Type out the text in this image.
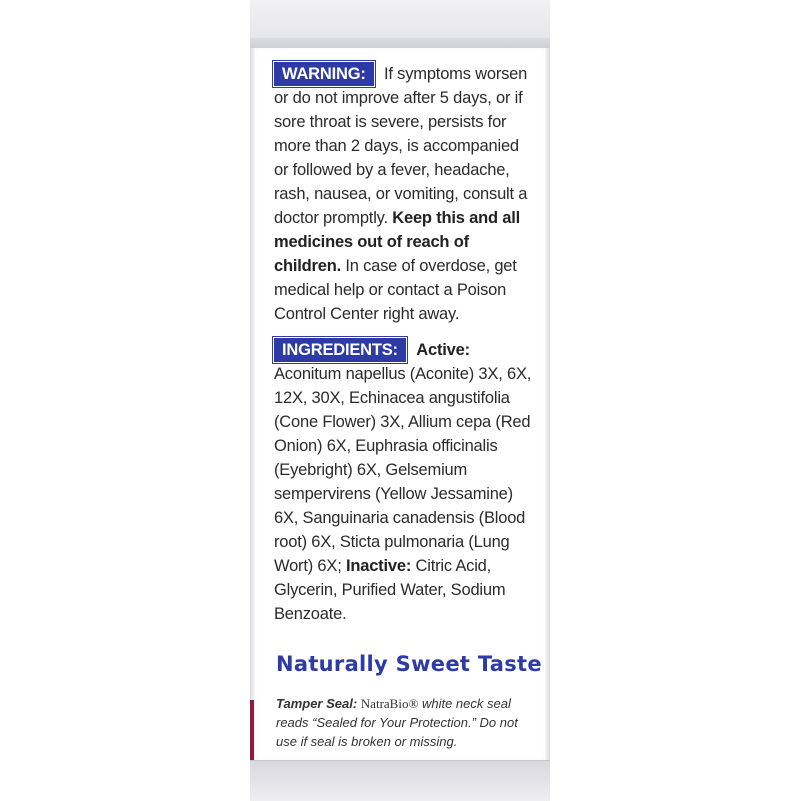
WARNING: If symptoms worsen or do not improve after 5 days, or if sore throat is severe, persists for more than 2 days, is accompanied or followed by a fever, headache, rash, nausea, or vomiting, consult a doctor promptly. Keep this and all medicines out of reach of children. In case of overdose, get medical help or contact a Poison Control Center right away.

INGREDIENTS: Active: Aconitum napellus (Aconite) 3X, 6X, 12X, 30X, Echinacea angustifolia (Cone Flower) 3X, Allium cepa (Red Onion) 6X, Euphrasia officinalis (Eyebright) 6X, Gelsemium sempervirens (Yellow Jessamine) 6X, Sanguinaria canadensis (Blood root) 6X, Sticta pulmonaria (Lung Wort) 6X; Inactive: Citric Acid, Glycerin, Purified Water, Sodium Benzoate.

Naturally Sweet Taste
Tamper Seal: NatraBio® white neck seal reads “Sealed for Your Protection.” Do not use if seal is broken or missing.
